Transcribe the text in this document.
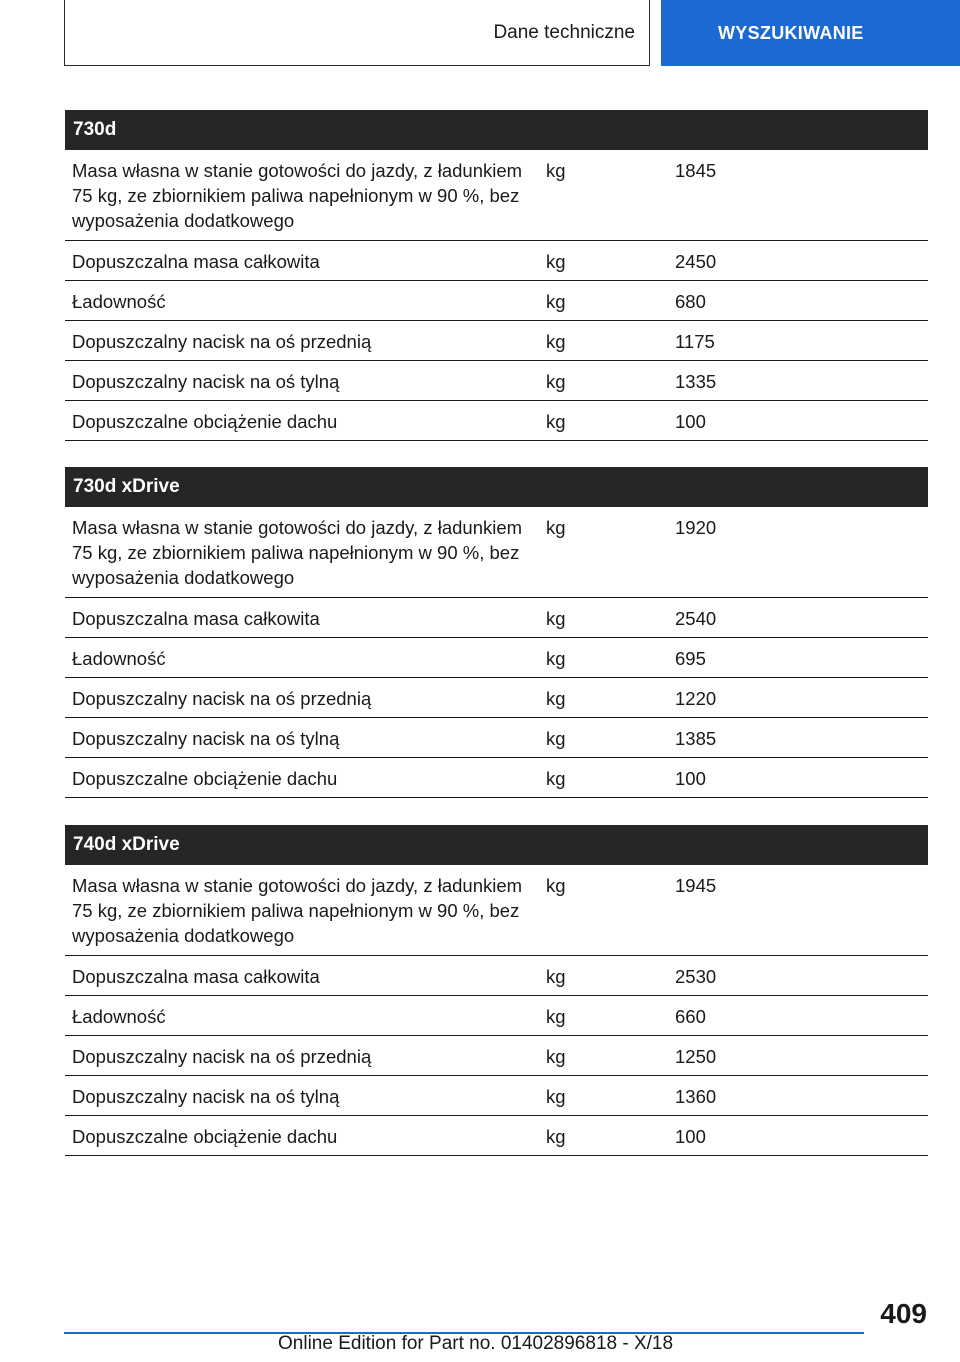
Dane techniczne	WYSZUKIWANIE
730d		
Masa własna w stanie gotowości do jazdy, z ładunkiem 75 kg, ze zbiornikiem paliwa napełnionym w 90 %, bez wyposażenia dodatkowego	kg	1845
Dopuszczalna masa całkowita	kg	2450
Ładowność	kg	680
Dopuszczalny nacisk na oś przednią	kg	1175
Dopuszczalny nacisk na oś tylną	kg	1335
Dopuszczalne obciążenie dachu	kg	100
730d xDrive		
Masa własna w stanie gotowości do jazdy, z ładunkiem 75 kg, ze zbiornikiem paliwa napełnionym w 90 %, bez wyposażenia dodatkowego	kg	1920
Dopuszczalna masa całkowita	kg	2540
Ładowność	kg	695
Dopuszczalny nacisk na oś przednią	kg	1220
Dopuszczalny nacisk na oś tylną	kg	1385
Dopuszczalne obciążenie dachu	kg	100
740d xDrive		
Masa własna w stanie gotowości do jazdy, z ładunkiem 75 kg, ze zbiornikiem paliwa napełnionym w 90 %, bez wyposażenia dodatkowego	kg	1945
Dopuszczalna masa całkowita	kg	2530
Ładowność	kg	660
Dopuszczalny nacisk na oś przednią	kg	1250
Dopuszczalny nacisk na oś tylną	kg	1360
Dopuszczalne obciążenie dachu	kg	100
409
Online Edition for Part no. 01402896818 - X/18
